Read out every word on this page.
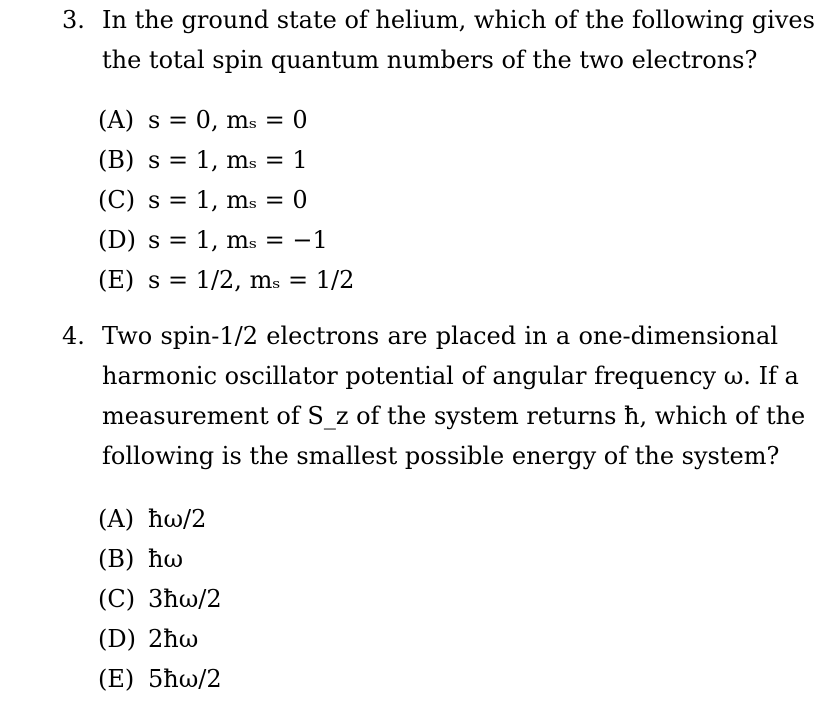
3. In the ground state of helium, which of the following gives
the total spin quantum numbers of the two electrons?
(A) s = 0, mₛ = 0
(B) s = 1, mₛ = 1
(C) s = 1, mₛ = 0
(D) s = 1, mₛ = −1
(E) s = 1/2, mₛ = 1/2
4. Two spin-1/2 electrons are placed in a one-dimensional
harmonic oscillator potential of angular frequency ω. If a
measurement of S_z of the system returns ħ, which of the
following is the smallest possible energy of the system?
(A) ħω/2
(B) ħω
(C) 3ħω/2
(D) 2ħω
(E) 5ħω/2
